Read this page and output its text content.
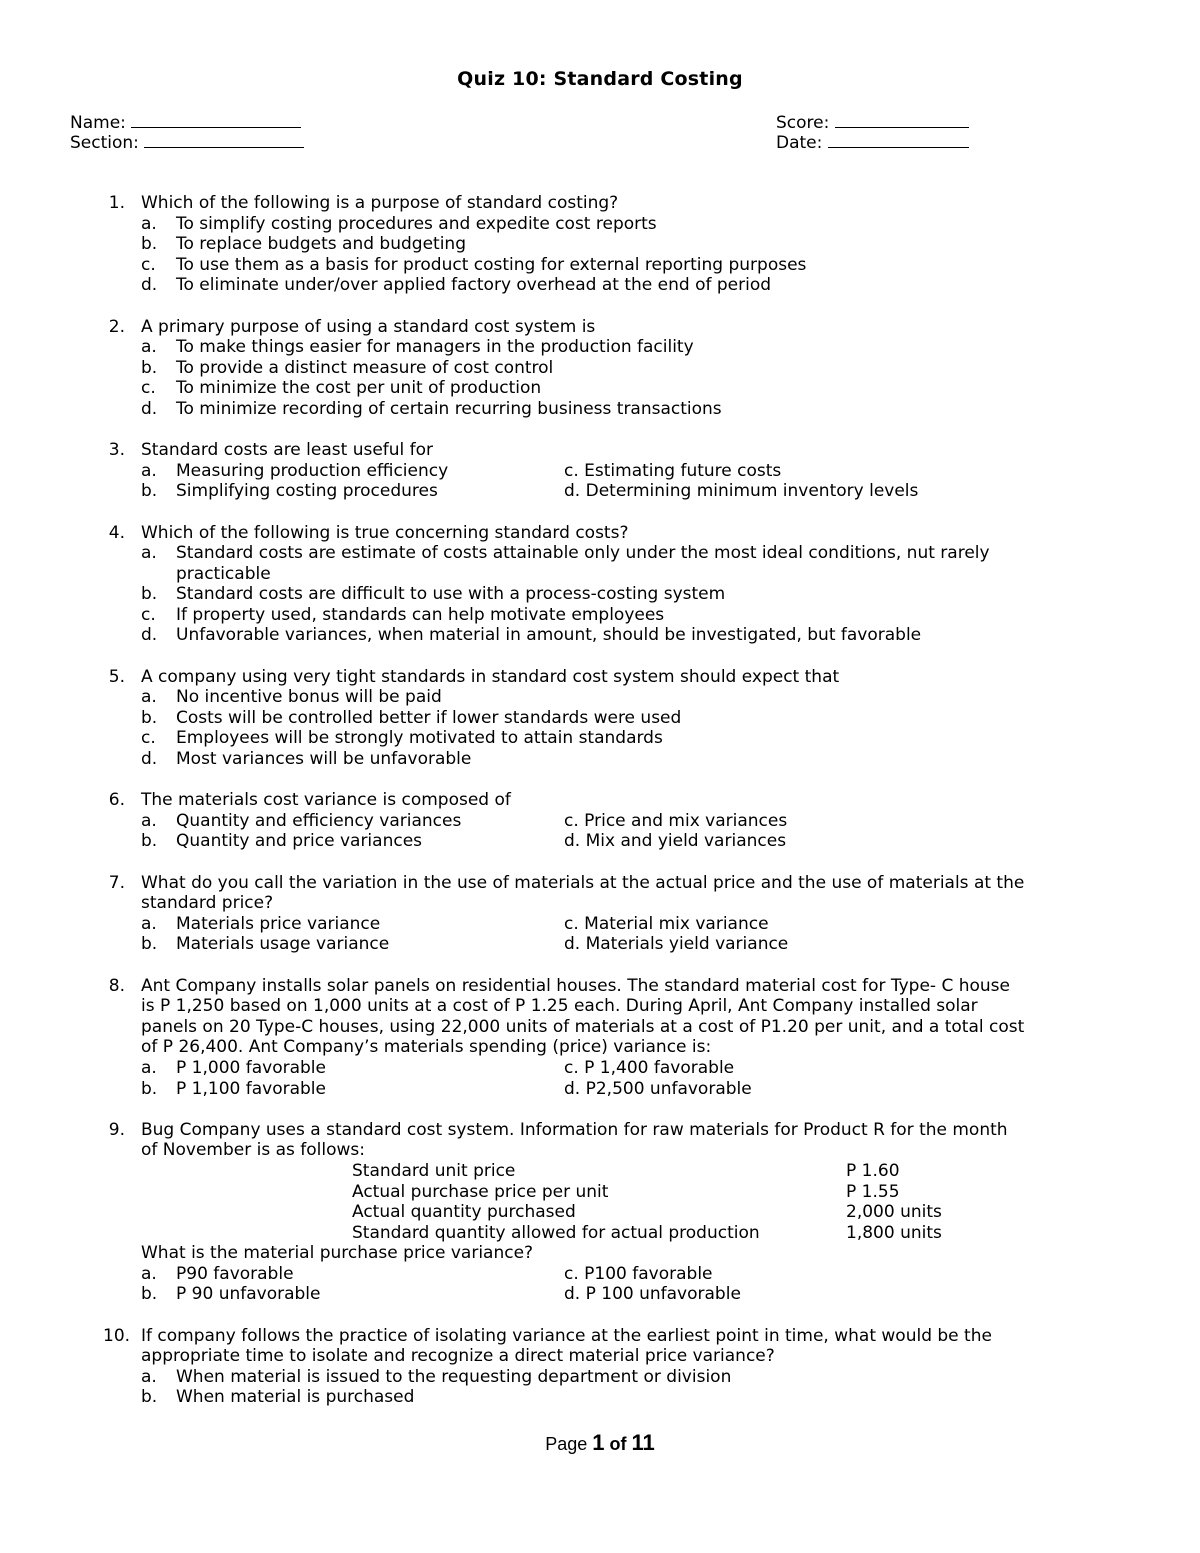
Quiz 10: Standard Costing
Name:
Section:
Score:
Date:
1. Which of the following is a purpose of standard costing?
a. To simplify costing procedures and expedite cost reports
b. To replace budgets and budgeting
c. To use them as a basis for product costing for external reporting purposes
d. To eliminate under/over applied factory overhead at the end of period
2. A primary purpose of using a standard cost system is
a. To make things easier for managers in the production facility
b. To provide a distinct measure of cost control
c. To minimize the cost per unit of production
d. To minimize recording of certain recurring business transactions
3. Standard costs are least useful for
a. Measuring production efficiency	c. Estimating future costs
b. Simplifying costing procedures	d. Determining minimum inventory levels
4. Which of the following is true concerning standard costs?
a. Standard costs are estimate of costs attainable only under the most ideal conditions, nut rarely
practicable
b. Standard costs are difficult to use with a process-costing system
c. If property used, standards can help motivate employees
d. Unfavorable variances, when material in amount, should be investigated, but favorable
5. A company using very tight standards in standard cost system should expect that
a. No incentive bonus will be paid
b. Costs will be controlled better if lower standards were used
c. Employees will be strongly motivated to attain standards
d. Most variances will be unfavorable
6. The materials cost variance is composed of
a. Quantity and efficiency variances	c. Price and mix variances
b. Quantity and price variances	d. Mix and yield variances
7. What do you call the variation in the use of materials at the actual price and the use of materials at the
standard price?
a. Materials price variance	c. Material mix variance
b. Materials usage variance	d. Materials yield variance
8. Ant Company installs solar panels on residential houses. The standard material cost for Type- C house
is P 1,250 based on 1,000 units at a cost of P 1.25 each. During April, Ant Company installed solar
panels on 20 Type-C houses, using 22,000 units of materials at a cost of P1.20 per unit, and a total cost
of P 26,400. Ant Company’s materials spending (price) variance is:
a. P 1,000 favorable	c. P 1,400 favorable
b. P 1,100 favorable	d. P2,500 unfavorable
9. Bug Company uses a standard cost system. Information for raw materials for Product R for the month
of November is as follows:
Standard unit price	P 1.60
Actual purchase price per unit	P 1.55
Actual quantity purchased	2,000 units
Standard quantity allowed for actual production	1,800 units
What is the material purchase price variance?
a. P90 favorable	c. P100 favorable
b. P 90 unfavorable	d. P 100 unfavorable
10. If company follows the practice of isolating variance at the earliest point in time, what would be the
appropriate time to isolate and recognize a direct material price variance?
a. When material is issued to the requesting department or division
b. When material is purchased
Page 1 of 11
